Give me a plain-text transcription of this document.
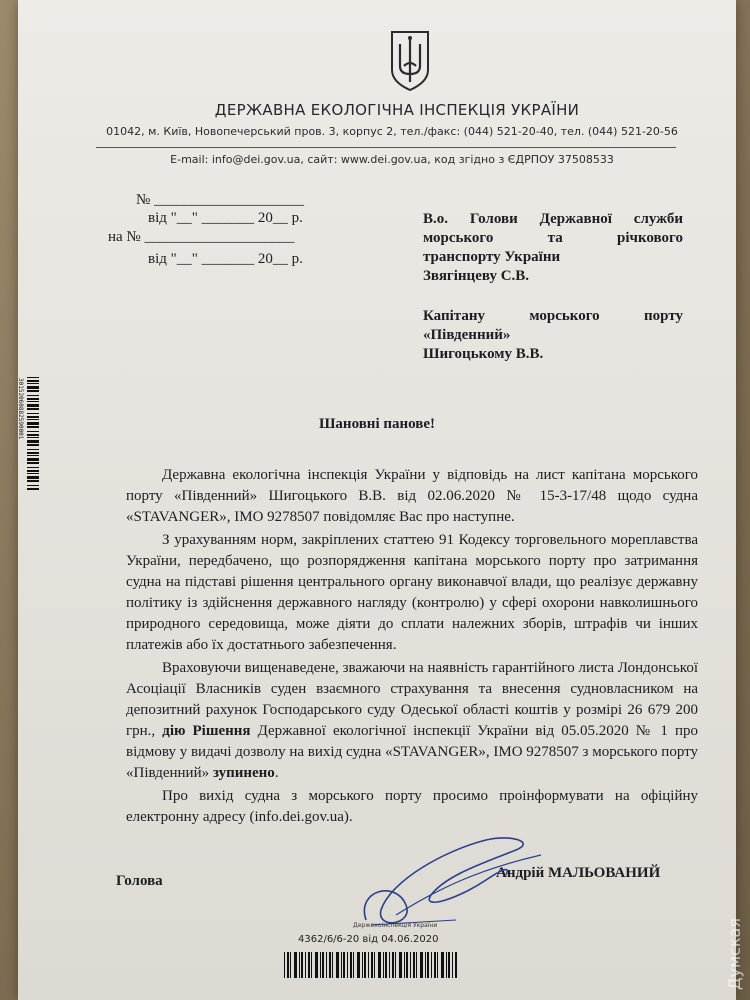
ДЕРЖАВНА ЕКОЛОГІЧНА ІНСПЕКЦІЯ УКРАЇНИ
01042, м. Київ, Новопечерський пров. 3, корпус 2, тел./факс: (044) 521-20-40, тел. (044) 521-20-56
E-mail: info@dei.gov.ua, сайт: www.dei.gov.ua, код згідно з ЄДРПОУ 37508533
№ ____________________
від "__" _______ 20__ р.
на № ____________________
від "__" _______ 20__ р.
В.о. Голови Державної служби
морського та річкового
транспорту України
Звягінцеву С.В.
Капітану морського порту
«Південний»
Шигоцькому В.В.
Шановні панове!

Державна екологічна інспекція України у відповідь на лист капітана морського порту «Південний» Шигоцького В.В. від 02.06.2020 № 15-3-17/48 щодо судна «STAVANGER», IMO 9278507 повідомляє Вас про наступне.

З урахуванням норм, закріплених статтею 91 Кодексу торговельного мореплавства України, передбачено, що розпорядження капітана морського порту про затримання судна на підставі рішення центрального органу виконавчої влади, що реалізує державну політику із здійснення державного нагляду (контролю) у сфері охорони навколишнього природного середовища, може діяти до сплати належних зборів, штрафів чи інших платежів або їх достатнього забезпечення.

Враховуючи вищенаведене, зважаючи на наявність гарантійного листа Лондонської Асоціації Власників суден взаємного страхування та внесення судновласником на депозитний рахунок Господарського суду Одеської області коштів у розмірі 26 679 200 грн., дію Рішення Державної екологічної інспекції України від 05.05.2020 № 1 про відмову у видачі дозволу на вихід судна «STAVANGER», IMO 9278507 з морського порту «Південний» зупинено.

Про вихід судна з морського порту просимо проінформувати на офіційну електронну адресу (info.dei.gov.ua).

Голова	Андрій МАЛЬОВАНИЙ
Держекоінспекція України
4362/6/6-20 від 04.06.2020
30152060882590001
Думская
